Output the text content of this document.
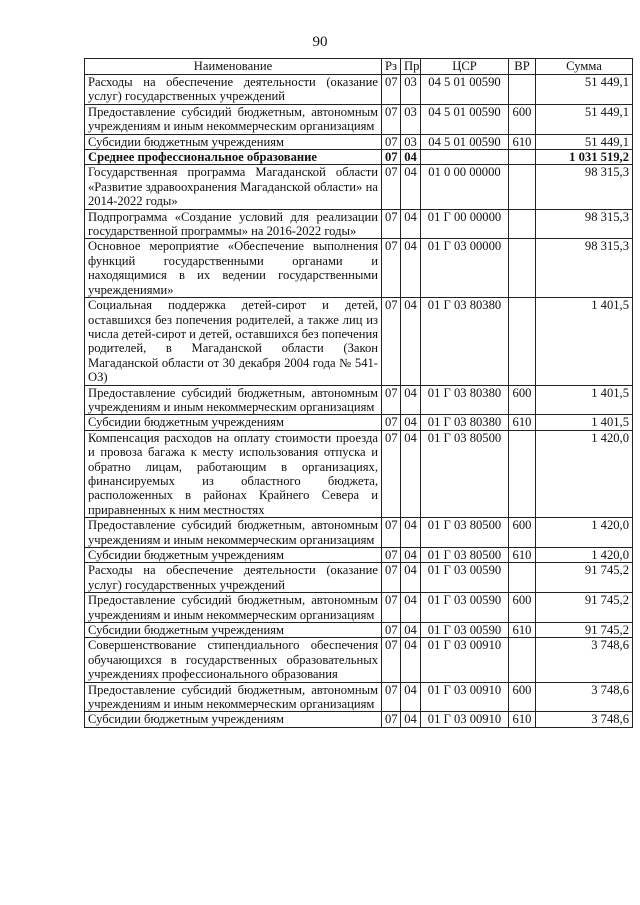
90
Наименование	Рз	Пр	ЦСР	ВР	Сумма
Расходы на обеспечение деятельности (оказание услуг) государственных учреждений	07	03	04 5 01 00590		51 449,1
Предоставление субсидий бюджетным, автономным учреждениям и иным некоммерческим организациям	07	03	04 5 01 00590	600	51 449,1
Субсидии бюджетным учреждениям	07	03	04 5 01 00590	610	51 449,1
Среднее профессиональное образование	07	04			1 031 519,2
Государственная программа Магаданской области «Развитие здравоохранения Магаданской области» на 2014-2022 годы»	07	04	01 0 00 00000		98 315,3
Подпрограмма «Создание условий для реализации государственной программы» на 2016-2022 годы»	07	04	01 Г 00 00000		98 315,3
Основное мероприятие «Обеспечение выполнения функций государственными органами и находящимися в их ведении государственными учреждениями»	07	04	01 Г 03 00000		98 315,3
Социальная поддержка детей-сирот и детей, оставшихся без попечения родителей, а также лиц из числа детей-сирот и детей, оставшихся без попечения родителей, в Магаданской области (Закон Магаданской области от 30 декабря 2004 года № 541-ОЗ)	07	04	01 Г 03 80380		1 401,5
Предоставление субсидий бюджетным, автономным учреждениям и иным некоммерческим организациям	07	04	01 Г 03 80380	600	1 401,5
Субсидии бюджетным учреждениям	07	04	01 Г 03 80380	610	1 401,5
Компенсация расходов на оплату стоимости проезда и провоза багажа к месту использования отпуска и обратно лицам, работающим в организациях, финансируемых из областного бюджета, расположенных в районах Крайнего Севера и приравненных к ним местностях	07	04	01 Г 03 80500		1 420,0
Предоставление субсидий бюджетным, автономным учреждениям и иным некоммерческим организациям	07	04	01 Г 03 80500	600	1 420,0
Субсидии бюджетным учреждениям	07	04	01 Г 03 80500	610	1 420,0
Расходы на обеспечение деятельности (оказание услуг) государственных учреждений	07	04	01 Г 03 00590		91 745,2
Предоставление субсидий бюджетным, автономным учреждениям и иным некоммерческим организациям	07	04	01 Г 03 00590	600	91 745,2
Субсидии бюджетным учреждениям	07	04	01 Г 03 00590	610	91 745,2
Совершенствование стипендиального обеспечения обучающихся в государственных образовательных учреждениях профессионального образования	07	04	01 Г 03 00910		3 748,6
Предоставление субсидий бюджетным, автономным учреждениям и иным некоммерческим организациям	07	04	01 Г 03 00910	600	3 748,6
Субсидии бюджетным учреждениям	07	04	01 Г 03 00910	610	3 748,6
